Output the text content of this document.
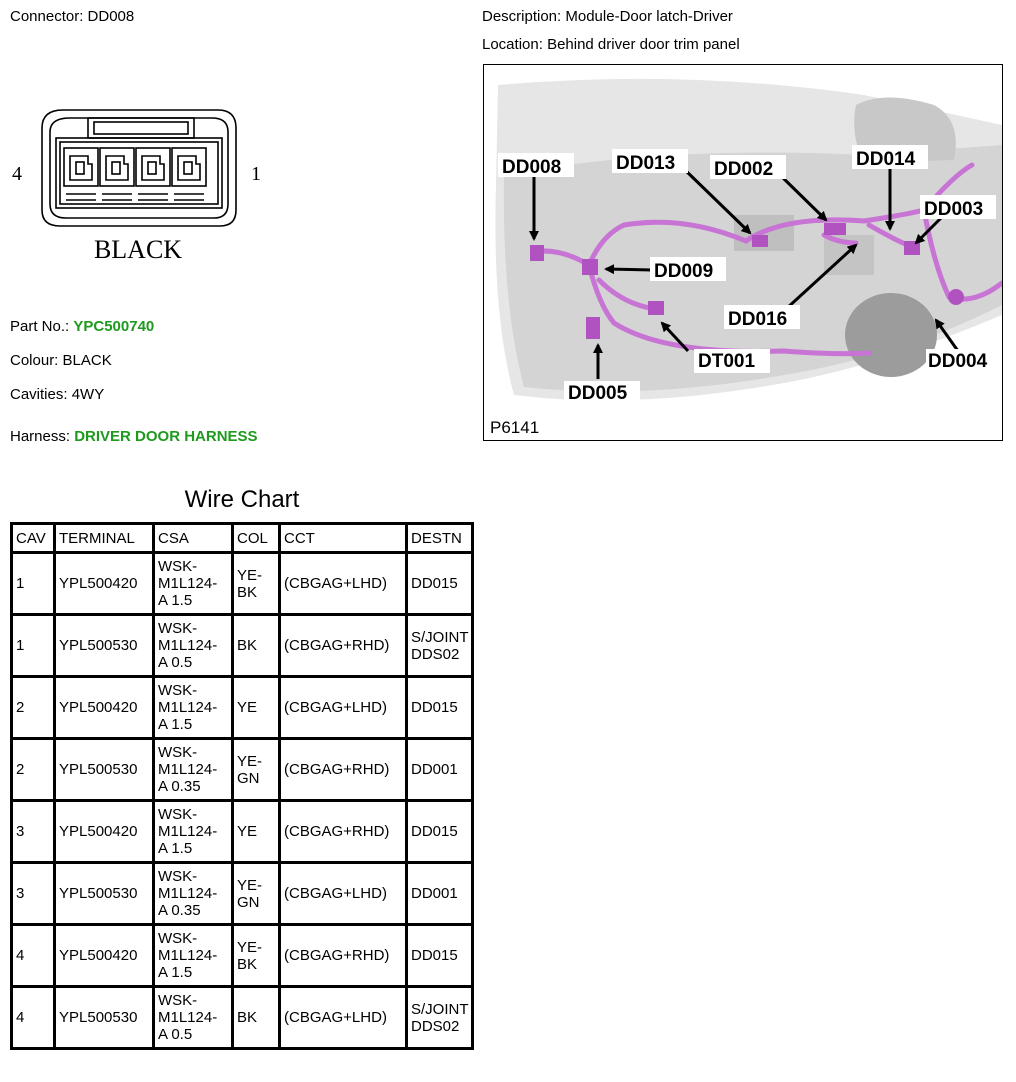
Connector: DD008
4	1
BLACK
Part No.: YPC500740
Colour: BLACK
Cavities: 4WY
Harness: DRIVER DOOR HARNESS
Description: Module-Door latch-Driver
Location: Behind driver door trim panel
DD008	DD013 DD002	DD014
DD003
DD009
DD016
DT001	DD004
DD005
P6141
Wire Chart
CAV	TERMINAL	CSA	COL	CCT	DESTN
1	YPL500420	WSK-
M1L124-
A 1.5	YE-
BK	(CBGAG+LHD)	DD015
1	YPL500530	WSK-
M1L124-
A 0.5	BK	(CBGAG+RHD)	S/JOINT
DDS02
2	YPL500420	WSK-
M1L124-
A 1.5	YE	(CBGAG+LHD)	DD015
2	YPL500530	WSK-
M1L124-
A 0.35	YE-
GN	(CBGAG+RHD)	DD001
3	YPL500420	WSK-
M1L124-
A 1.5	YE	(CBGAG+RHD)	DD015
3	YPL500530	WSK-
M1L124-
A 0.35	YE-
GN	(CBGAG+LHD)	DD001
4	YPL500420	WSK-
M1L124-
A 1.5	YE-
BK	(CBGAG+RHD)	DD015
4	YPL500530	WSK-
M1L124-
A 0.5	BK	(CBGAG+LHD)	S/JOINT
DDS02
